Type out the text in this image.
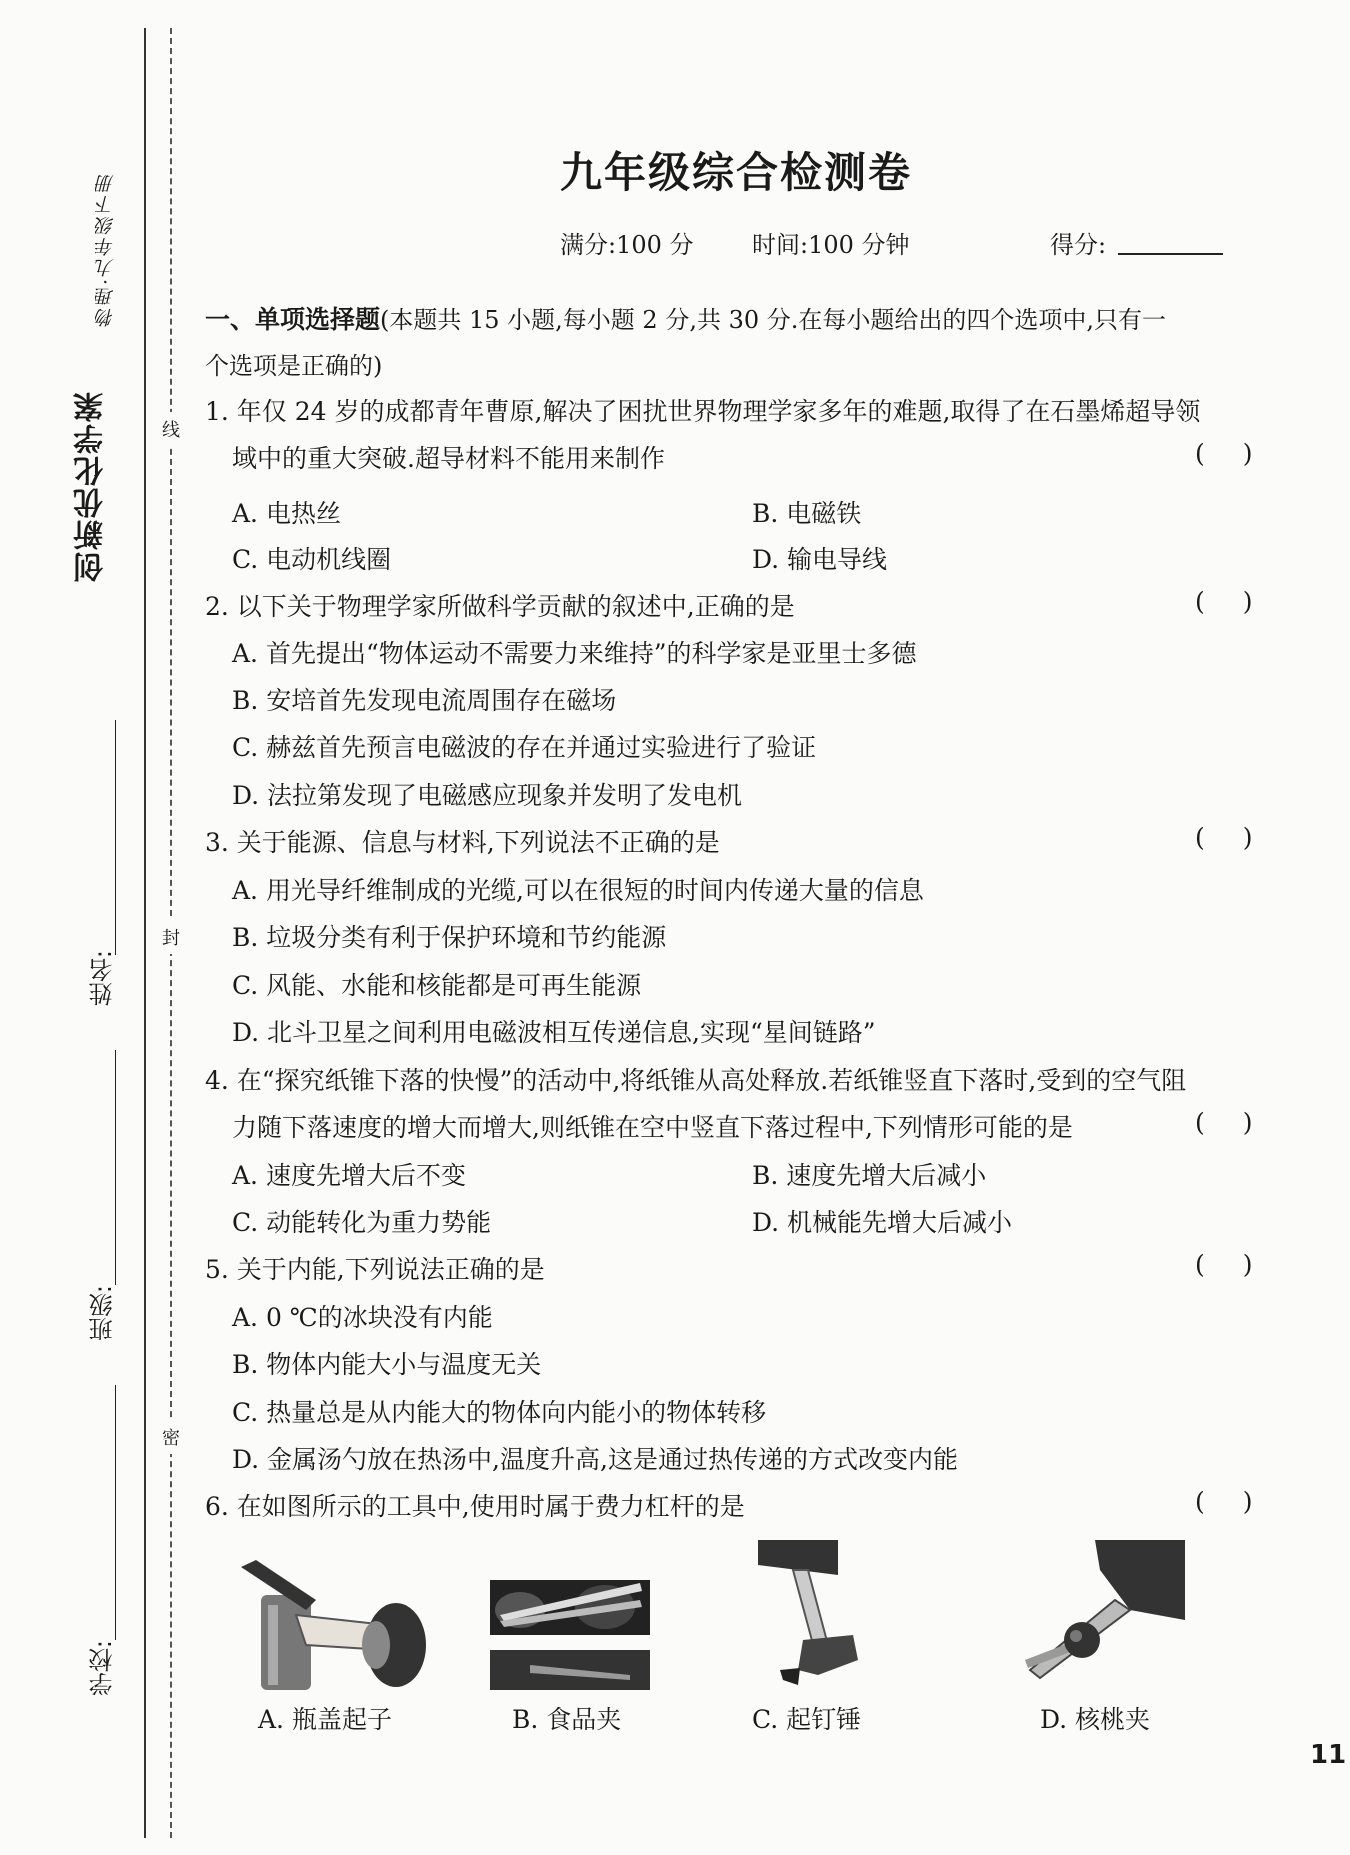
创新优化学案
物理·九年级下册
姓名:
班级:
学校:
线
封
密
九年级综合检测卷
满分:100 分 时间:100 分钟	得分:
一、单项选择题(本题共 15 小题,每小题 2 分,共 30 分.在每小题给出的四个选项中,只有一
个选项是正确的)
1. 年仅 24 岁的成都青年曹原,解决了困扰世界物理学家多年的难题,取得了在石墨烯超导领
域中的重大突破.超导材料不能用来制作	( )
A. 电热丝	B. 电磁铁
C. 电动机线圈	D. 输电导线
2. 以下关于物理学家所做科学贡献的叙述中,正确的是	( )
A. 首先提出“物体运动不需要力来维持”的科学家是亚里士多德
B. 安培首先发现电流周围存在磁场
C. 赫兹首先预言电磁波的存在并通过实验进行了验证
D. 法拉第发现了电磁感应现象并发明了发电机
3. 关于能源、信息与材料,下列说法不正确的是	( )
A. 用光导纤维制成的光缆,可以在很短的时间内传递大量的信息
B. 垃圾分类有利于保护环境和节约能源
C. 风能、水能和核能都是可再生能源
D. 北斗卫星之间利用电磁波相互传递信息,实现“星间链路”
4. 在“探究纸锥下落的快慢”的活动中,将纸锥从高处释放.若纸锥竖直下落时,受到的空气阻
力随下落速度的增大而增大,则纸锥在空中竖直下落过程中,下列情形可能的是	( )
A. 速度先增大后不变	B. 速度先增大后减小
C. 动能转化为重力势能	D. 机械能先增大后减小
5. 关于内能,下列说法正确的是	( )
A. 0 ℃的冰块没有内能
B. 物体内能大小与温度无关
C. 热量总是从内能大的物体向内能小的物体转移
D. 金属汤勺放在热汤中,温度升高,这是通过热传递的方式改变内能
6. 在如图所示的工具中,使用时属于费力杠杆的是	( )
A. 瓶盖起子	B. 食品夹	C. 起钉锤	D. 核桃夹
11
